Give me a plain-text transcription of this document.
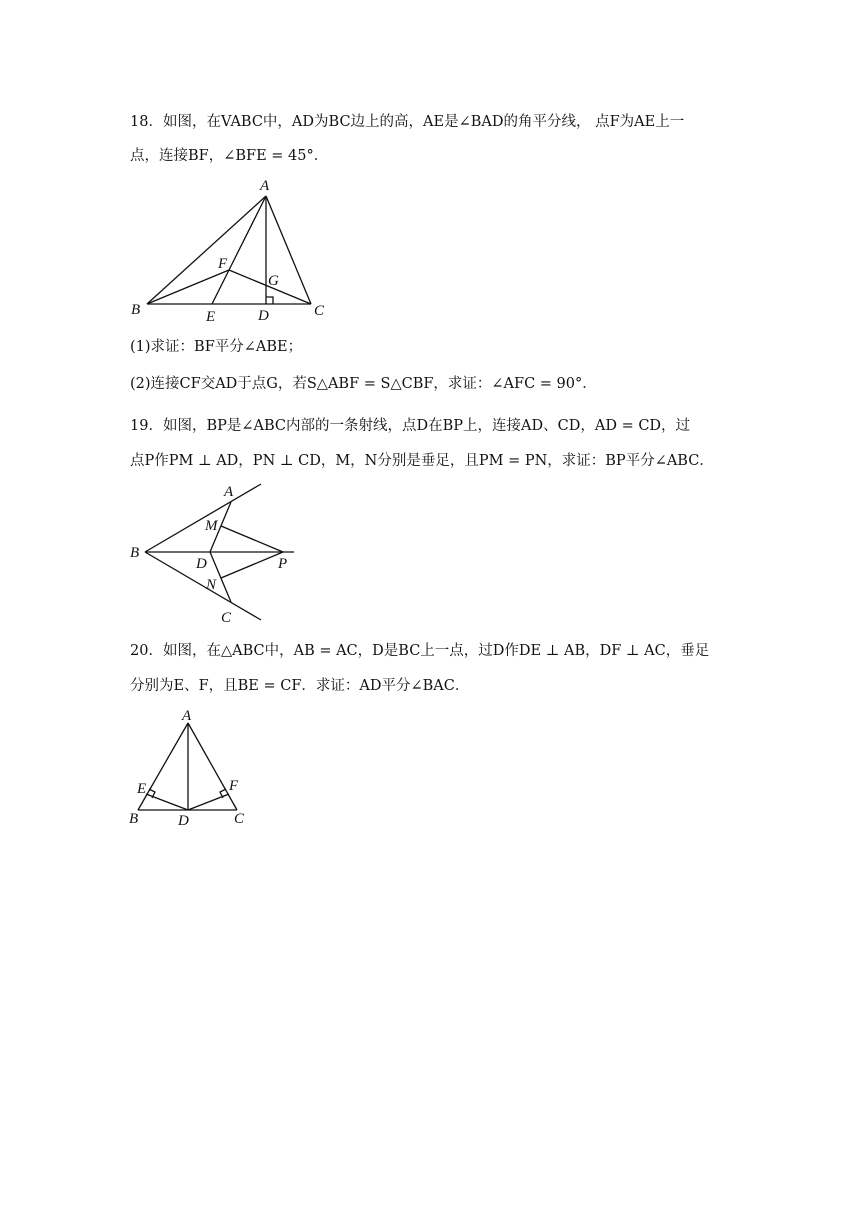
18．如图，在VABC中，AD为BC边上的高，AE是∠BAD的角平分线， 点F为AE上一
点，连接BF，∠BFE = 45°．
A
B	C
D
E
F
G
(1)求证：BF平分∠ABE；
(2)连接CF交AD于点G，若S△ABF = S△CBF，求证：∠AFC = 90°．
19．如图，BP是∠ABC内部的一条射线，点D在BP上，连接AD、CD，AD = CD，过
点P作PM ⊥ AD，PN ⊥ CD，M，N分别是垂足，且PM = PN，求证：BP平分∠ABC．
A
B
C
D
M
N
P
20．如图，在△ABC中，AB = AC，D是BC上一点，过D作DE ⊥ AB，DF ⊥ AC，垂足
分别为E、F，且BE = CF．求证：AD平分∠BAC．
A
B	C
D
E	F
